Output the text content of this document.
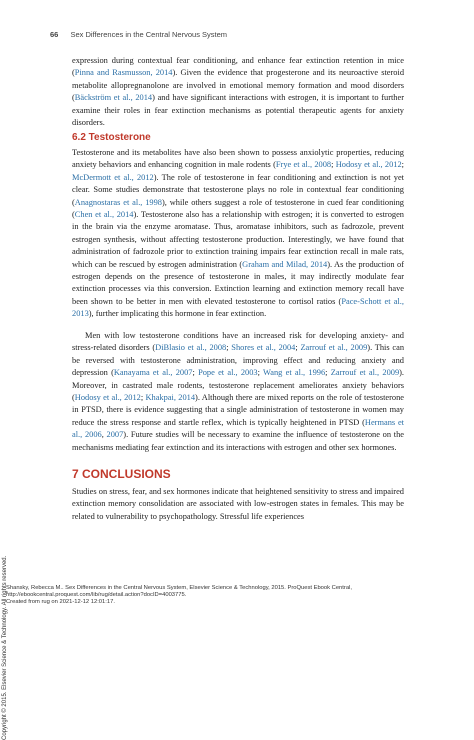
66 Sex Differences in the Central Nervous System

expression during contextual fear conditioning, and enhance fear extinction retention in mice (Pinna and Rasmusson, 2014). Given the evidence that progesterone and its neuroactive steroid metabolite allopregnanolone are involved in emotional memory formation and mood disorders (Bäckström et al., 2014) and have significant interactions with estrogen, it is important to further examine their roles in fear extinction mechanisms as potential therapeutic agents for anxiety disorders.

6.2 Testosterone

Testosterone and its metabolites have also been shown to possess anxiolytic properties, reducing anxiety behaviors and enhancing cognition in male rodents (Frye et al., 2008; Hodosy et al., 2012; McDermott et al., 2012). The role of testosterone in fear conditioning and extinction is not yet clear. Some studies demonstrate that testosterone plays no role in contextual fear conditioning (Anagnostaras et al., 1998), while others suggest a role of testosterone in cued fear conditioning (Chen et al., 2014). Testosterone also has a relationship with estrogen; it is converted to estrogen in the brain via the enzyme aromatase. Thus, aromatase inhibitors, such as fadrozole, prevent estrogen synthesis, without affecting testosterone production. Interestingly, we have found that administration of fadrozole prior to extinction training impairs fear extinction recall in male rats, which can be rescued by estrogen administration (Graham and Milad, 2014). As the production of estrogen depends on the presence of testosterone in males, it may indirectly modulate fear extinction processes via this conversion. Extinction learning and extinction memory recall have been shown to be better in men with elevated testosterone to cortisol ratios (Pace-Schott et al., 2013), further implicating this hormone in fear extinction.

Men with low testosterone conditions have an increased risk for developing anxiety- and stress-related disorders (DiBlasio et al., 2008; Shores et al., 2004; Zarrouf et al., 2009). This can be reversed with testosterone administration, improving effect and reducing anxiety and depression (Kanayama et al., 2007; Pope et al., 2003; Wang et al., 1996; Zarrouf et al., 2009). Moreover, in castrated male rodents, testosterone replacement ameliorates anxiety behaviors (Hodosy et al., 2012; Khakpai, 2014). Although there are mixed reports on the role of testosterone in PTSD, there is evidence suggesting that a single administration of testosterone in women may reduce the stress response and startle reflex, which is typically heightened in PTSD (Hermans et al., 2006, 2007). Future studies will be necessary to examine the influence of testosterone on the mechanisms mediating fear extinction and its interactions with estrogen and other sex hormones.

7 CONCLUSIONS

Studies on stress, fear, and sex hormones indicate that heightened sensitivity to stress and impaired extinction memory consolidation are associated with low-estrogen states in females. This may be related to vulnerability to psychopathology. Stressful life experiences

Copyright © 2015. Elsevier Science & Technology. All rights reserved.
Shansky, Rebecca M.. Sex Differences in the Central Nervous System, Elsevier Science & Technology, 2015. ProQuest Ebook Central,
http://ebookcentral.proquest.com/lib/rug/detail.action?docID=4003775.
Created from rug on 2021-12-12 12:01:17.
